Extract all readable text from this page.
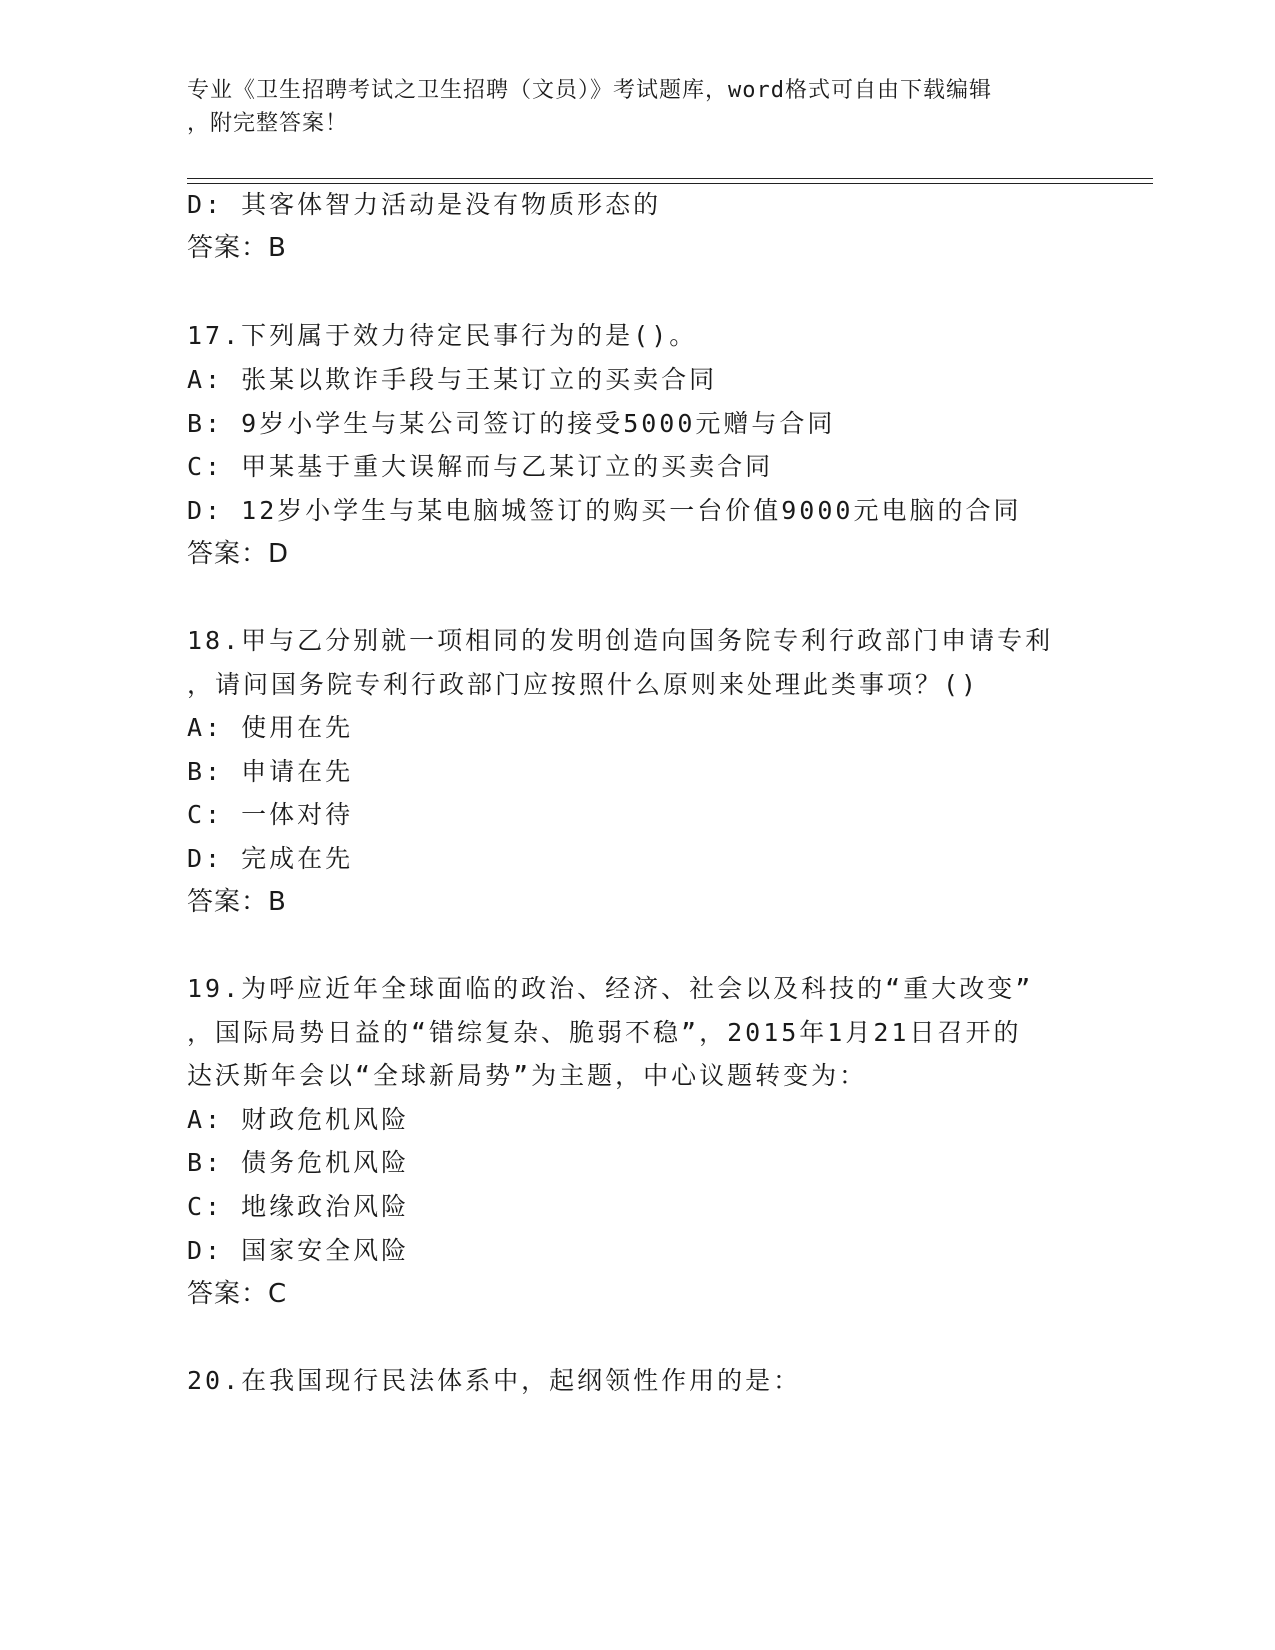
专业《卫生招聘考试之卫生招聘（文员）》考试题库，word格式可自由下载编辑
，附完整答案！
D: 其客体智力活动是没有物质形态的
答案：B
17.下列属于效力待定民事行为的是()。
A: 张某以欺诈手段与王某订立的买卖合同
B: 9岁小学生与某公司签订的接受5000元赠与合同
C: 甲某基于重大误解而与乙某订立的买卖合同
D: 12岁小学生与某电脑城签订的购买一台价值9000元电脑的合同
答案：D
18.甲与乙分别就一项相同的发明创造向国务院专利行政部门申请专利
，请问国务院专利行政部门应按照什么原则来处理此类事项？()
A: 使用在先
B: 申请在先
C: 一体对待
D: 完成在先
答案：B
19.为呼应近年全球面临的政治、经济、社会以及科技的“重大改变”
，国际局势日益的“错综复杂、脆弱不稳”，2015年1月21日召开的
达沃斯年会以“全球新局势”为主题，中心议题转变为：
A: 财政危机风险
B: 债务危机风险
C: 地缘政治风险
D: 国家安全风险
答案：C
20.在我国现行民法体系中，起纲领性作用的是：
